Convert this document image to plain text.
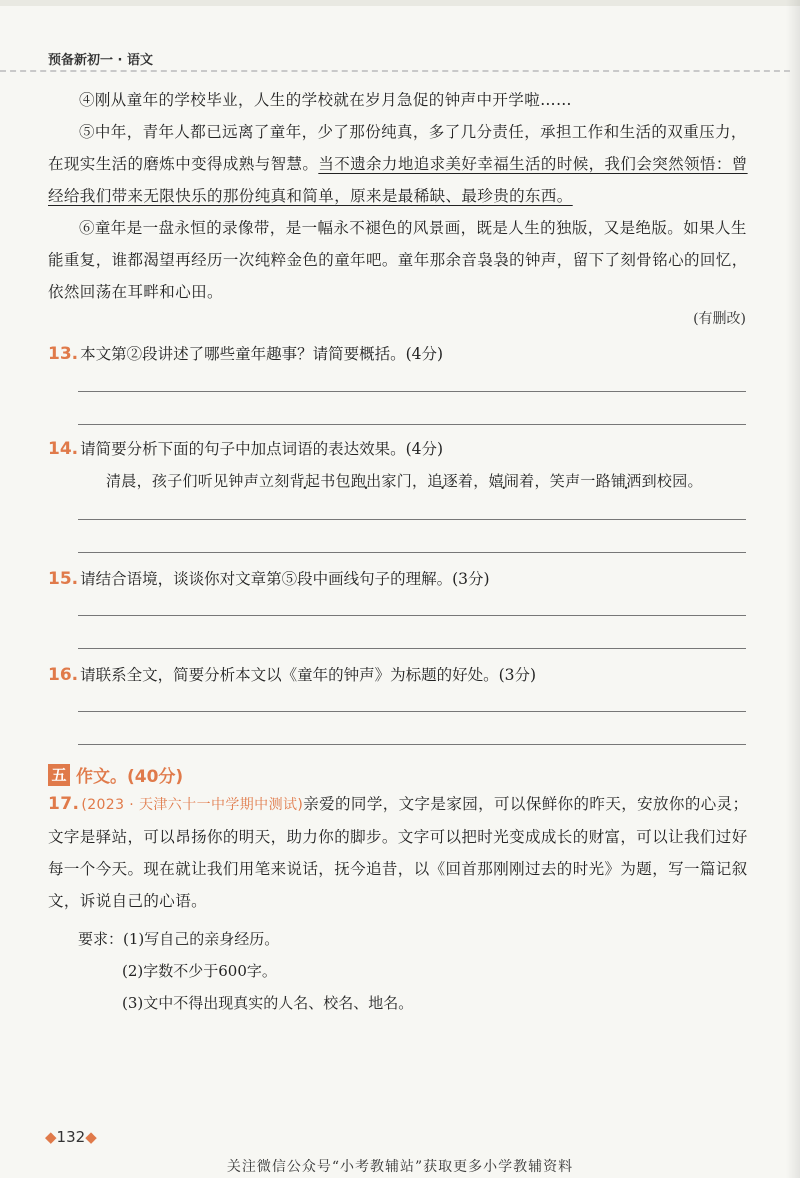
预备新初一 · 语文
④刚从童年的学校毕业，人生的学校就在岁月急促的钟声中开学啦……
⑤中年，青年人都已远离了童年，少了那份纯真，多了几分责任，承担工作和生活的双重压力，在现实生活的磨炼中变得成熟与智慧。当不遗余力地追求美好幸福生活的时候，我们会突然领悟：曾经给我们带来无限快乐的那份纯真和简单，原来是最稀缺、最珍贵的东西。
⑥童年是一盘永恒的录像带，是一幅永不褪色的风景画，既是人生的独版，又是绝版。如果人生能重复，谁都渴望再经历一次纯粹金色的童年吧。童年那余音袅袅的钟声，留下了刻骨铭心的回忆，依然回荡在耳畔和心田。
(有删改)
13. 本文第②段讲述了哪些童年趣事？请简要概括。(4分)
14. 请简要分析下面的句子中加点词语的表达效果。(4分)
清晨，孩子们听见钟声立刻背起书包跑出家门，追逐着，嬉闹着，笑声一路铺洒到校园。
15. 请结合语境，谈谈你对文章第⑤段中画线句子的理解。(3分)
16. 请联系全文，简要分析本文以《童年的钟声》为标题的好处。(3分)
五 作文。(40分)
17. (2023 · 天津六十一中学期中测试)亲爱的同学，文字是家园，可以保鲜你的昨天，安放你的心灵；文字是驿站，可以昂扬你的明天，助力你的脚步。文字可以把时光变成成长的财富，可以让我们过好每一个今天。现在就让我们用笔来说话，抚今追昔，以《回首那刚刚过去的时光》为题，写一篇记叙文，诉说自己的心语。
要求：(1)写自己的亲身经历。
(2)字数不少于600字。
(3)文中不得出现真实的人名、校名、地名。
◆132◆
关注微信公众号“小考教辅站”获取更多小学教辅资料
